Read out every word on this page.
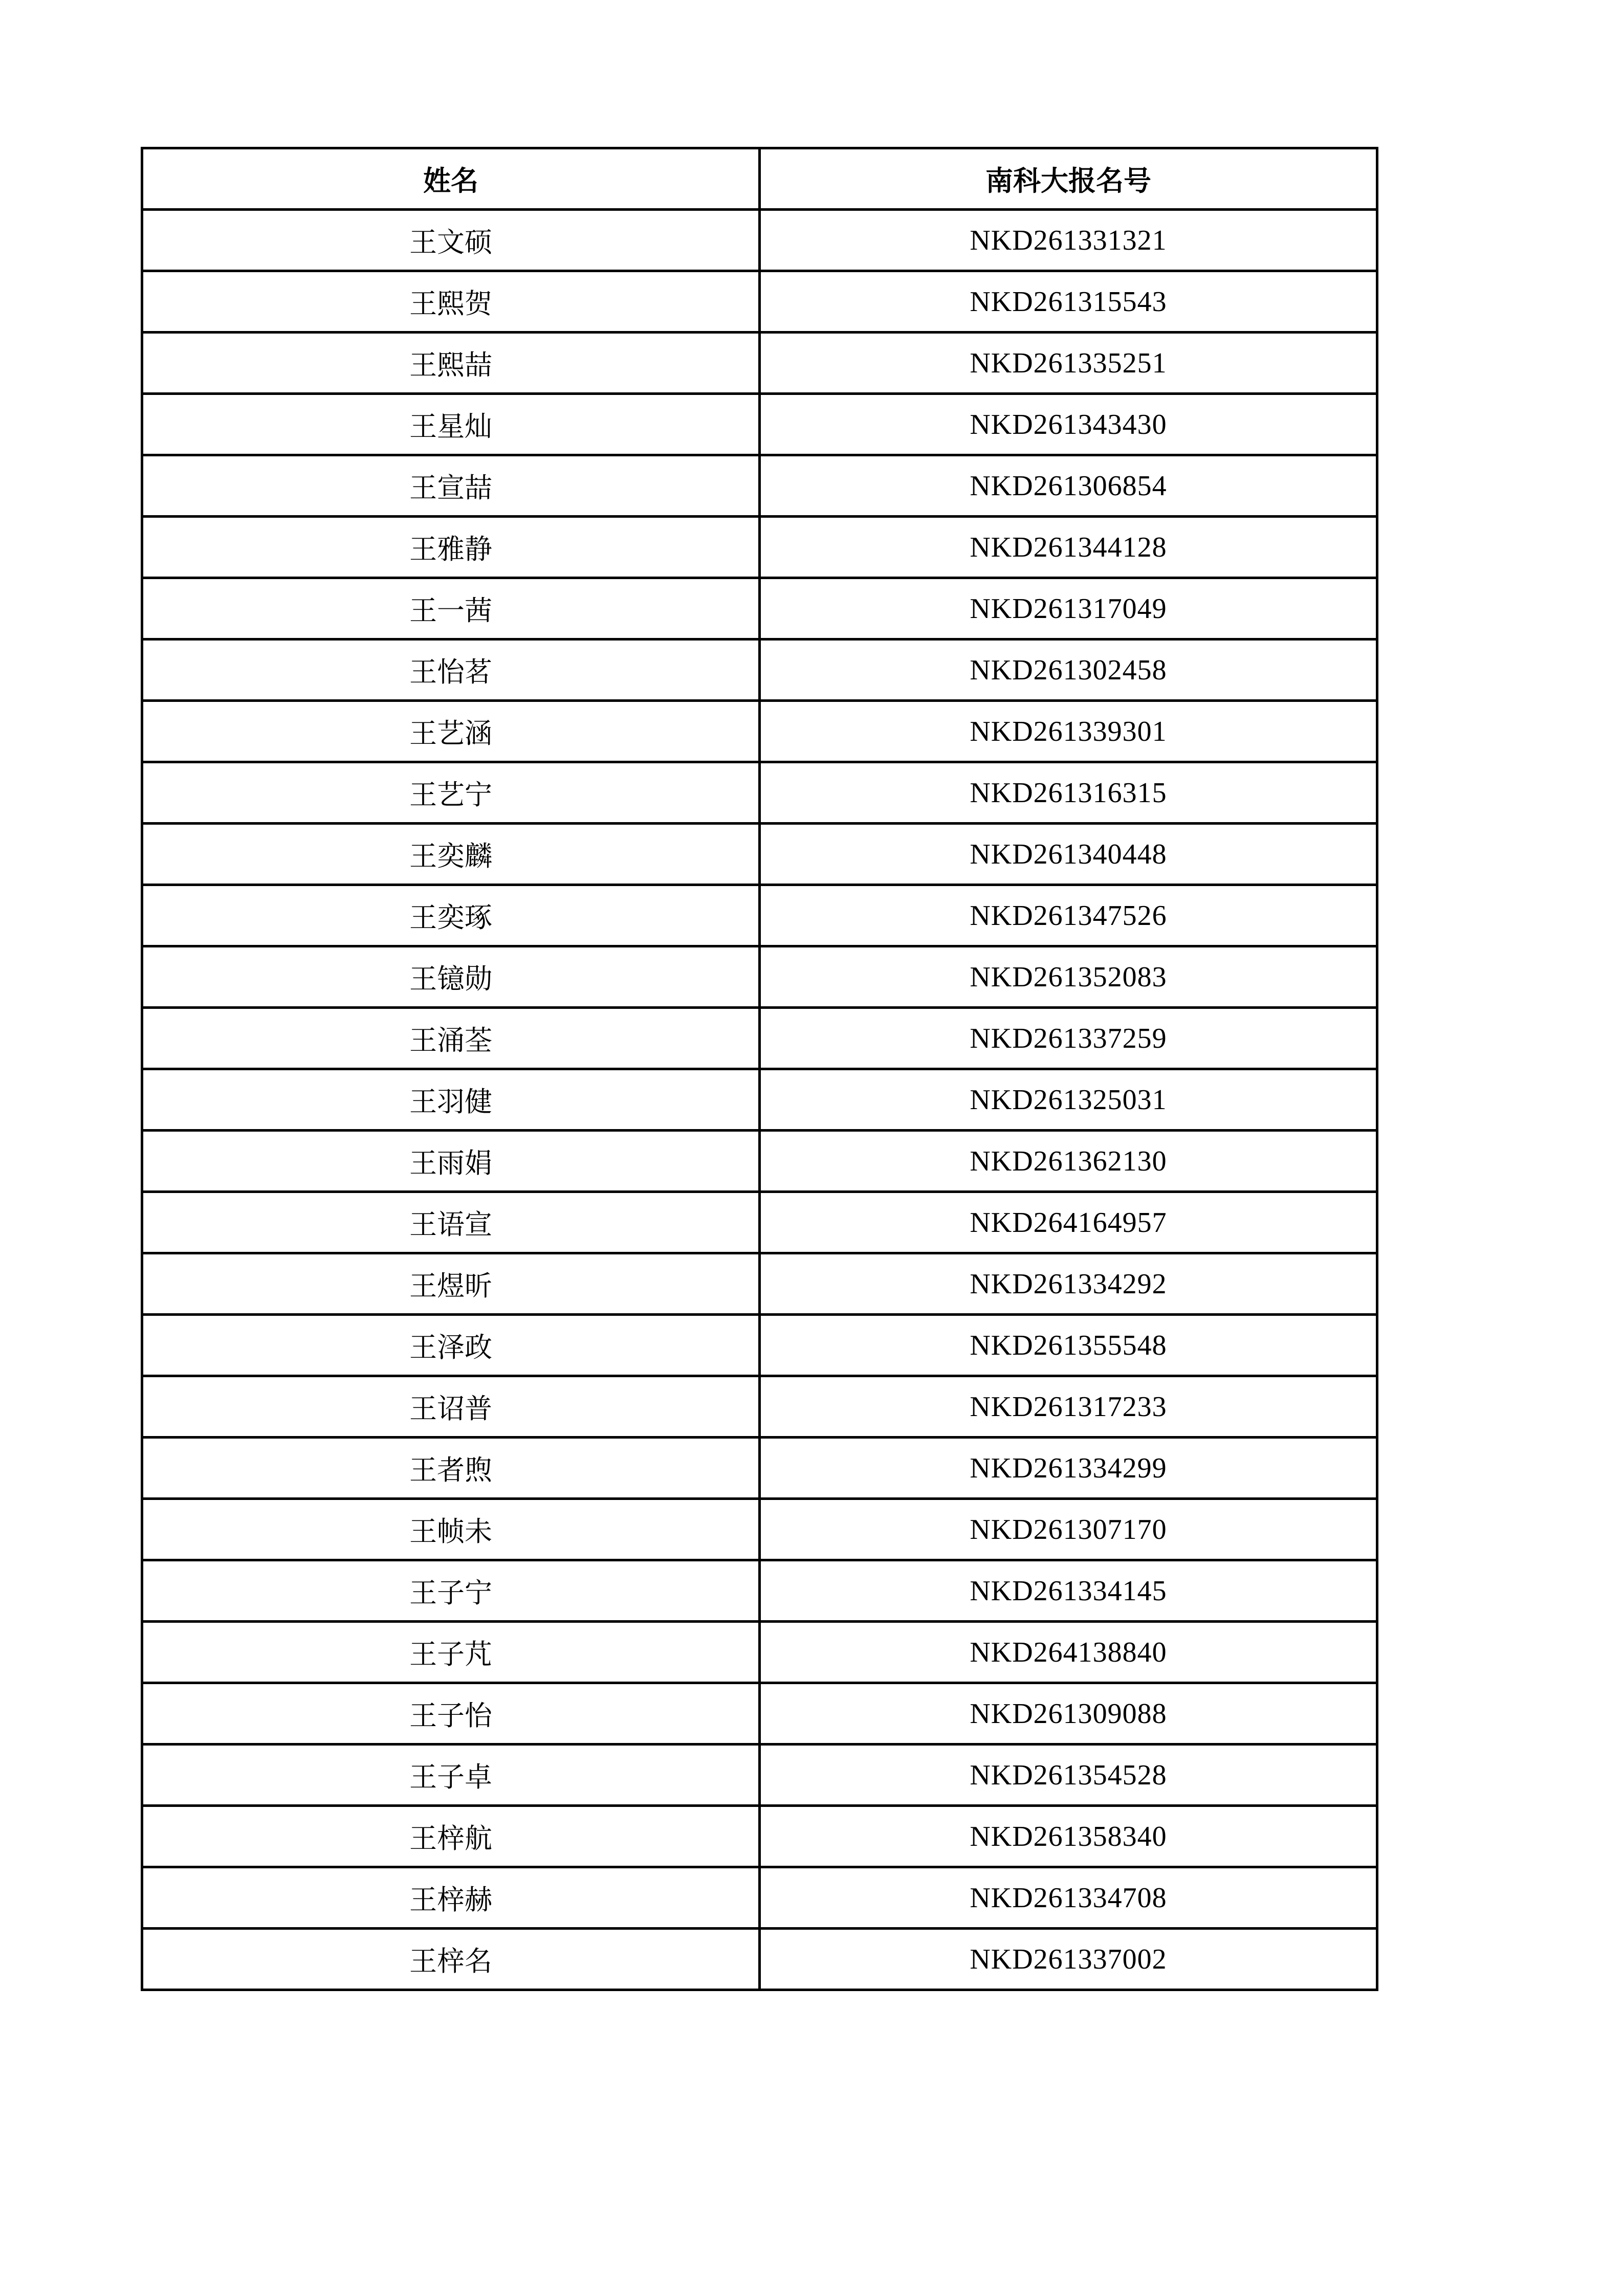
姓名	南科大报名号
王文硕	NKD261331321
王熙贺	NKD261315543
王熙喆	NKD261335251
王星灿	NKD261343430
王宣喆	NKD261306854
王雅静	NKD261344128
王一茜	NKD261317049
王怡茗	NKD261302458
王艺涵	NKD261339301
王艺宁	NKD261316315
王奕麟	NKD261340448
王奕琢	NKD261347526
王镱勋	NKD261352083
王涌荃	NKD261337259
王羽健	NKD261325031
王雨娟	NKD261362130
王语宣	NKD264164957
王煜昕	NKD261334292
王泽政	NKD261355548
王诏普	NKD261317233
王者煦	NKD261334299
王帧未	NKD261307170
王子宁	NKD261334145
王子芃	NKD264138840
王子怡	NKD261309088
王子卓	NKD261354528
王梓航	NKD261358340
王梓赫	NKD261334708
王梓名	NKD261337002
